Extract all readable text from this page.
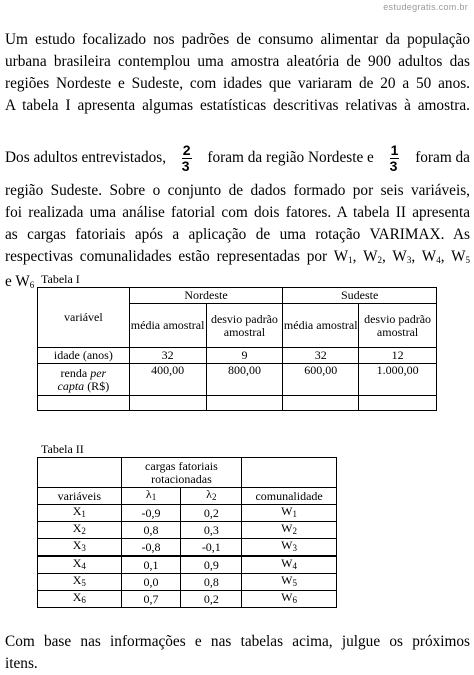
estudegratis.com.br
Um estudo focalizado nos padrões de consumo alimentar da população
urbana brasileira contemplou uma amostra aleatória de 900 adultos das
regiões Nordeste e Sudeste, com idades que variaram de 20 a 50 anos.
A tabela I apresenta algumas estatísticas descritivas relativas à amostra.
Dos adultos entrevistados, $\frac{2}{3}$ foram da região Nordeste e $\frac{1}{3}$ foram da
região Sudeste. Sobre o conjunto de dados formado por seis variáveis,
foi realizada uma análise fatorial com dois fatores. A tabela II apresenta
as cargas fatoriais após a aplicação de uma rotação VARIMAX. As
respectivas comunalidades estão representadas por $W_1$, $W_2$, $W_3$, $W_4$, $W_5$
e $W_6$ Tabela I
variável	Nordeste		Sudeste	
	média amostral	desvio padrão amostral	média amostral	desvio padrão amostral
idade (anos)	32	9	32	12
renda per
capta (R$)	400,00	800,00	600,00	1.000,00

Tabela II
	cargas fatoriais rotacionadas		
variáveis	$\lambda_1$	$\lambda_2$	comunalidade
$X_1$	-0,9	0,2	$W_1$
$X_2$	0,8	0,3	$W_2$
$X_3$	-0,8	-0,1	$W_3$
$X_4$	0,1	0,9	$W_4$
$X_5$	0,0	0,8	$W_5$
$X_6$	0,7	0,2	$W_6$
Com base nas informações e nas tabelas acima, julgue os próximos
itens.
